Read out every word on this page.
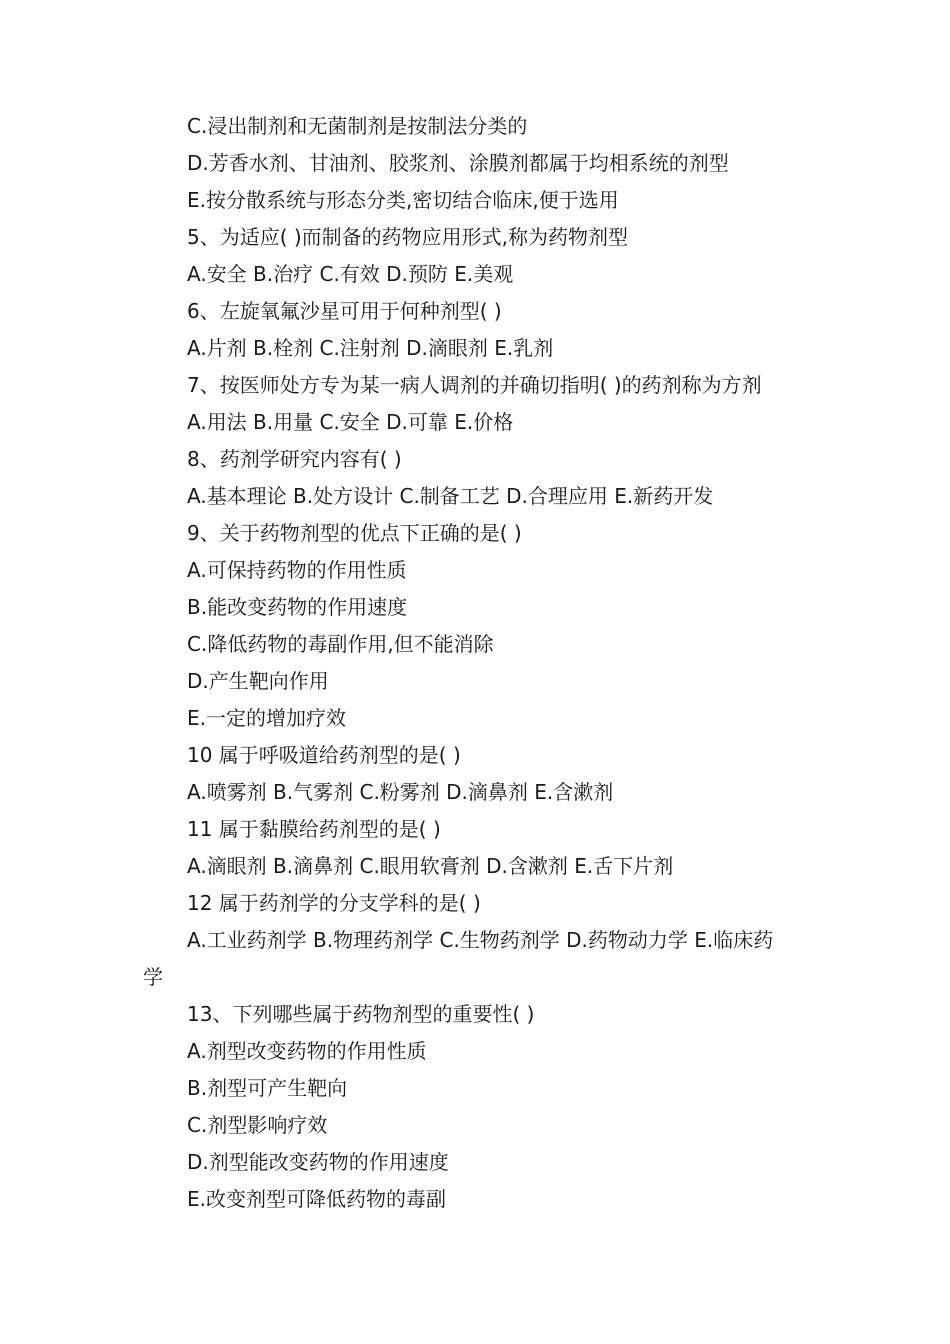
C.浸出制剂和无菌制剂是按制法分类的
D.芳香水剂、甘油剂、胶浆剂、涂膜剂都属于均相系统的剂型
E.按分散系统与形态分类,密切结合临床,便于选用
5、为适应( )而制备的药物应用形式,称为药物剂型
A.安全 B.治疗 C.有效 D.预防 E.美观
6、左旋氧氟沙星可用于何种剂型( )
A.片剂 B.栓剂 C.注射剂 D.滴眼剂 E.乳剂
7、按医师处方专为某一病人调剂的并确切指明( )的药剂称为方剂
A.用法 B.用量 C.安全 D.可靠 E.价格
8、药剂学研究内容有( )
A.基本理论 B.处方设计 C.制备工艺 D.合理应用 E.新药开发
9、关于药物剂型的优点下正确的是( )
A.可保持药物的作用性质
B.能改变药物的作用速度
C.降低药物的毒副作用,但不能消除
D.产生靶向作用
E.一定的增加疗效
10 属于呼吸道给药剂型的是( )
A.喷雾剂 B.气雾剂 C.粉雾剂 D.滴鼻剂 E.含漱剂
11 属于黏膜给药剂型的是( )
A.滴眼剂 B.滴鼻剂 C.眼用软膏剂 D.含漱剂 E.舌下片剂
12 属于药剂学的分支学科的是( )
A.工业药剂学 B.物理药剂学 C.生物药剂学 D.药物动力学 E.临床药
学
13、下列哪些属于药物剂型的重要性( )
A.剂型改变药物的作用性质
B.剂型可产生靶向
C.剂型影响疗效
D.剂型能改变药物的作用速度
E.改变剂型可降低药物的毒副
